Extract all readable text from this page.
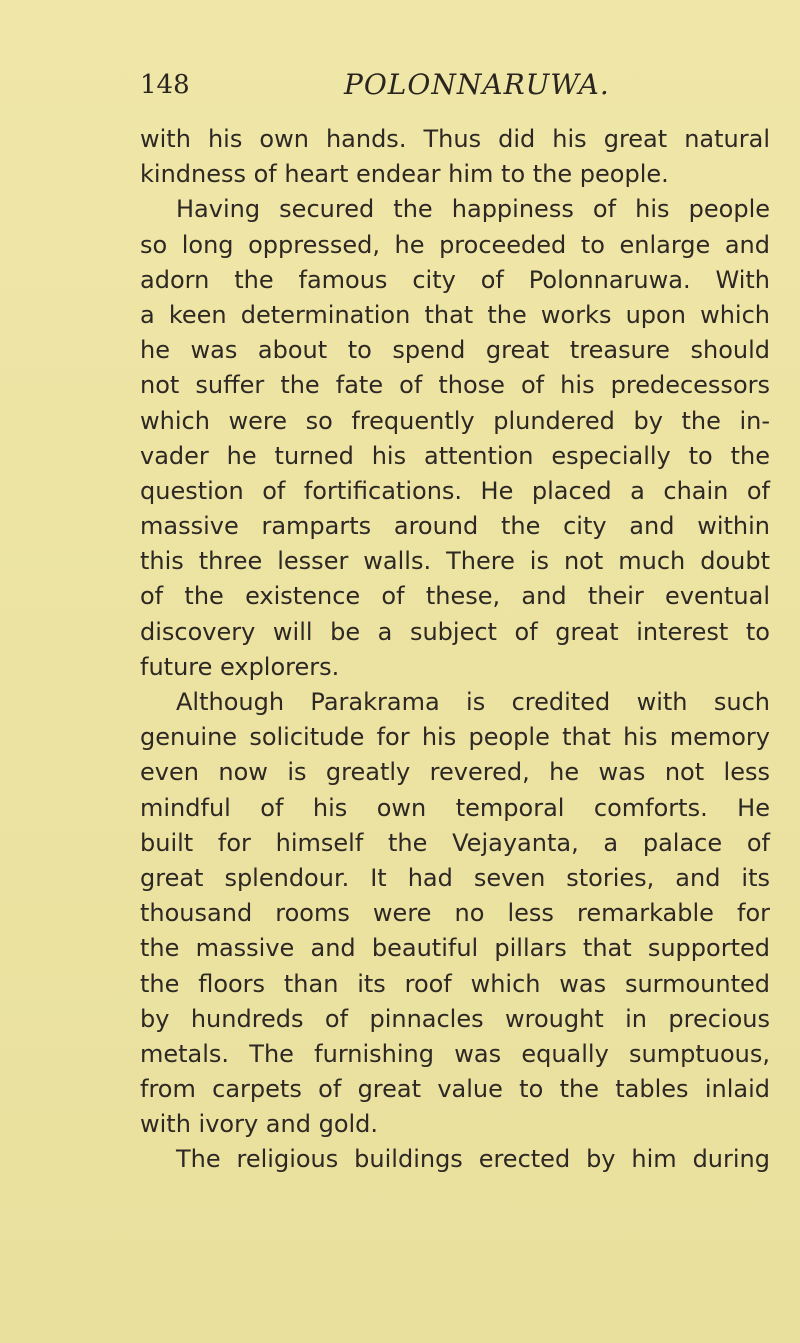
148	POLONNARUWA.
with his own hands. Thus did his great natural
kindness of heart endear him to the people.
Having secured the happiness of his people
so long oppressed, he proceeded to enlarge and
adorn the famous city of Polonnaruwa. With
a keen determination that the works upon which
he was about to spend great treasure should
not suffer the fate of those of his predecessors
which were so frequently plundered by the in-
vader he turned his attention especially to the
question of fortifications. He placed a chain of
massive ramparts around the city and within
this three lesser walls. There is not much doubt
of the existence of these, and their eventual
discovery will be a subject of great interest to
future explorers.
Although Parakrama is credited with such
genuine solicitude for his people that his memory
even now is greatly revered, he was not less
mindful of his own temporal comforts. He
built for himself the Vejayanta, a palace of
great splendour. It had seven stories, and its
thousand rooms were no less remarkable for
the massive and beautiful pillars that supported
the floors than its roof which was surmounted
by hundreds of pinnacles wrought in precious
metals. The furnishing was equally sumptuous,
from carpets of great value to the tables inlaid
with ivory and gold.
The religious buildings erected by him during
